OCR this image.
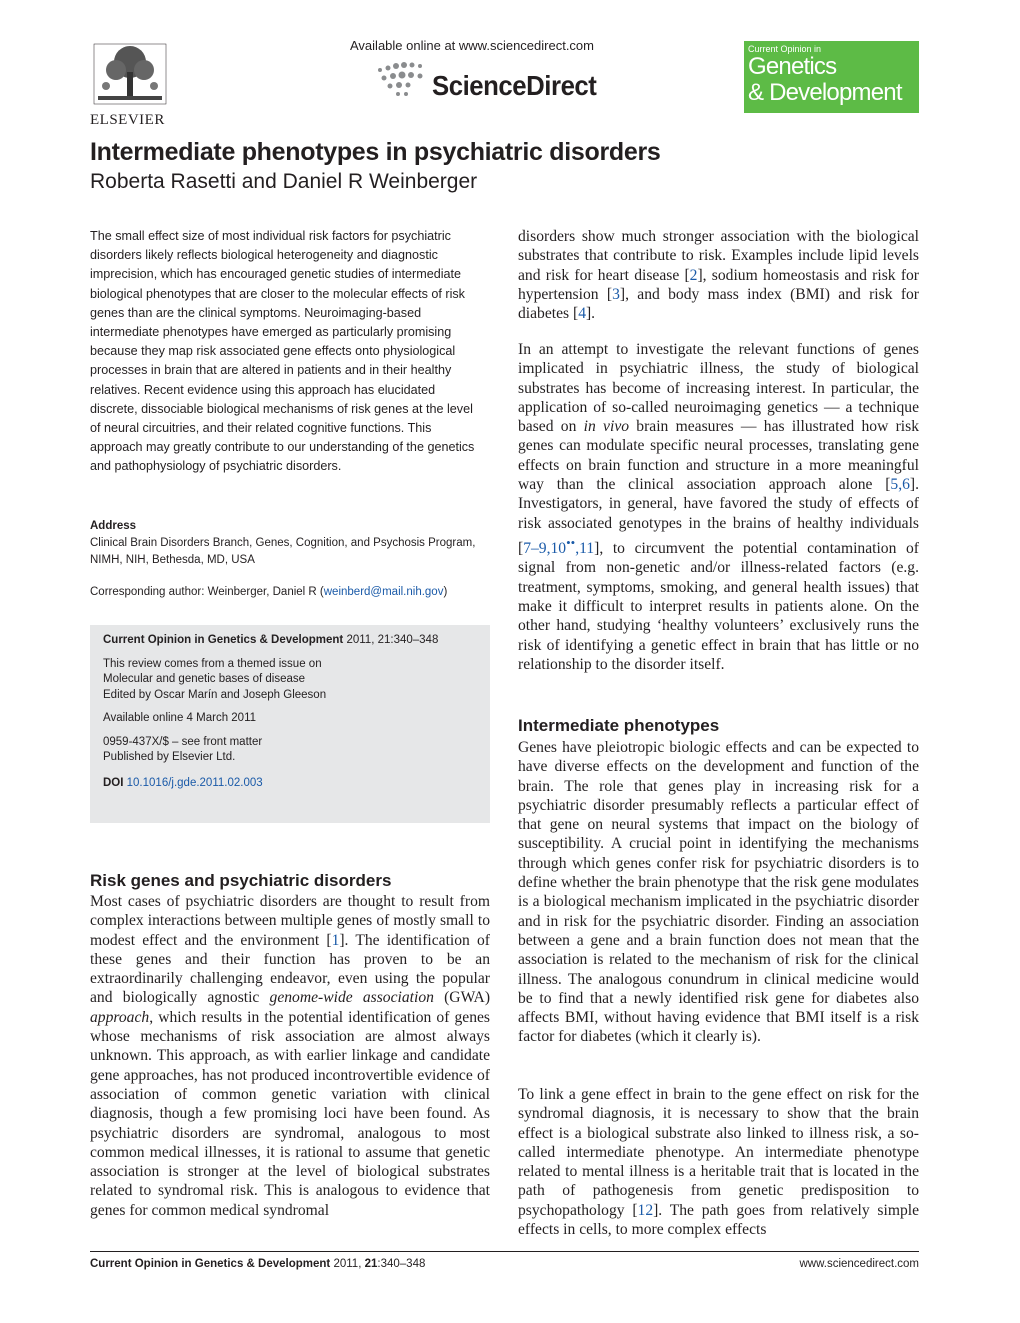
ELSEVIER
Available online at www.sciencedirect.com
ScienceDirect
Current Opinion in
Genetics
& Development
Intermediate phenotypes in psychiatric disorders
Roberta Rasetti and Daniel R Weinberger

The small effect size of most individual risk factors for psychiatric disorders likely reflects biological heterogeneity and diagnostic imprecision, which has encouraged genetic studies of intermediate biological phenotypes that are closer to the molecular effects of risk genes than are the clinical symptoms. Neuroimaging-based intermediate phenotypes have emerged as particularly promising because they map risk associated gene effects onto physiological processes in brain that are altered in patients and in their healthy relatives. Recent evidence using this approach has elucidated discrete, dissociable biological mechanisms of risk genes at the level of neural circuitries, and their related cognitive functions. This approach may greatly contribute to our understanding of the genetics and pathophysiology of psychiatric disorders.

Address
Clinical Brain Disorders Branch, Genes, Cognition, and Psychosis Program, NIMH, NIH, Bethesda, MD, USA
Corresponding author: Weinberger, Daniel R (weinberd@mail.nih.gov)

Current Opinion in Genetics & Development 2011, 21:340–348

This review comes from a themed issue on
Molecular and genetic bases of disease
Edited by Oscar Marín and Joseph Gleeson

Available online 4 March 2011

0959-437X/$ – see front matter
Published by Elsevier Ltd.

DOI 10.1016/j.gde.2011.02.003

Risk genes and psychiatric disorders
Most cases of psychiatric disorders are thought to result from complex interactions between multiple genes of mostly small to modest effect and the environment [1]. The identification of these genes and their function has proven to be an extraordinarily challenging endeavor, even using the popular and biologically agnostic genome-wide association (GWA) approach, which results in the potential identification of genes whose mechanisms of risk association are almost always unknown. This approach, as with earlier linkage and candidate gene approaches, has not produced incontrovertible evidence of association of common genetic variation with clinical diagnosis, though a few promising loci have been found. As psychiatric disorders are syndromal, analogous to most common medical illnesses, it is rational to assume that genetic association is stronger at the level of biological substrates related to syndromal risk. This is analogous to evidence that genes for common medical syndromal
disorders show much stronger association with the biological substrates that contribute to risk. Examples include lipid levels and risk for heart disease [2], sodium homeostasis and risk for hypertension [3], and body mass index (BMI) and risk for diabetes [4].
In an attempt to investigate the relevant functions of genes implicated in psychiatric illness, the study of biological substrates has become of increasing interest. In particular, the application of so-called neuroimaging genetics — a technique based on in vivo brain measures — has illustrated how risk genes can modulate specific neural processes, translating gene effects on brain function and structure in a more meaningful way than the clinical association approach alone [5,6]. Investigators, in general, have favored the study of effects of risk associated genotypes in the brains of healthy individuals [7–9,10••,11], to circumvent the potential contamination of signal from non-genetic and/or illness-related factors (e.g. treatment, symptoms, smoking, and general health issues) that make it difficult to interpret results in patients alone. On the other hand, studying ‘healthy volunteers’ exclusively runs the risk of identifying a genetic effect in brain that has little or no relationship to the disorder itself.
Intermediate phenotypes
Genes have pleiotropic biologic effects and can be expected to have diverse effects on the development and function of the brain. The role that genes play in increasing risk for a psychiatric disorder presumably reflects a particular effect of that gene on neural systems that impact on the biology of susceptibility. A crucial point in identifying the mechanisms through which genes confer risk for psychiatric disorders is to define whether the brain phenotype that the risk gene modulates is a biological mechanism implicated in the psychiatric disorder and in risk for the psychiatric disorder. Finding an association between a gene and a brain function does not mean that the association is related to the mechanism of risk for the clinical illness. The analogous conundrum in clinical medicine would be to find that a newly identified risk gene for diabetes also affects BMI, without having evidence that BMI itself is a risk factor for diabetes (which it clearly is).
To link a gene effect in brain to the gene effect on risk for the syndromal diagnosis, it is necessary to show that the brain effect is a biological substrate also linked to illness risk, a so-called intermediate phenotype. An intermediate phenotype related to mental illness is a heritable trait that is located in the path of pathogenesis from genetic predisposition to psychopathology [12]. The path goes from relatively simple effects in cells, to more complex effects
Current Opinion in Genetics & Development 2011, 21:340–348	www.sciencedirect.com
